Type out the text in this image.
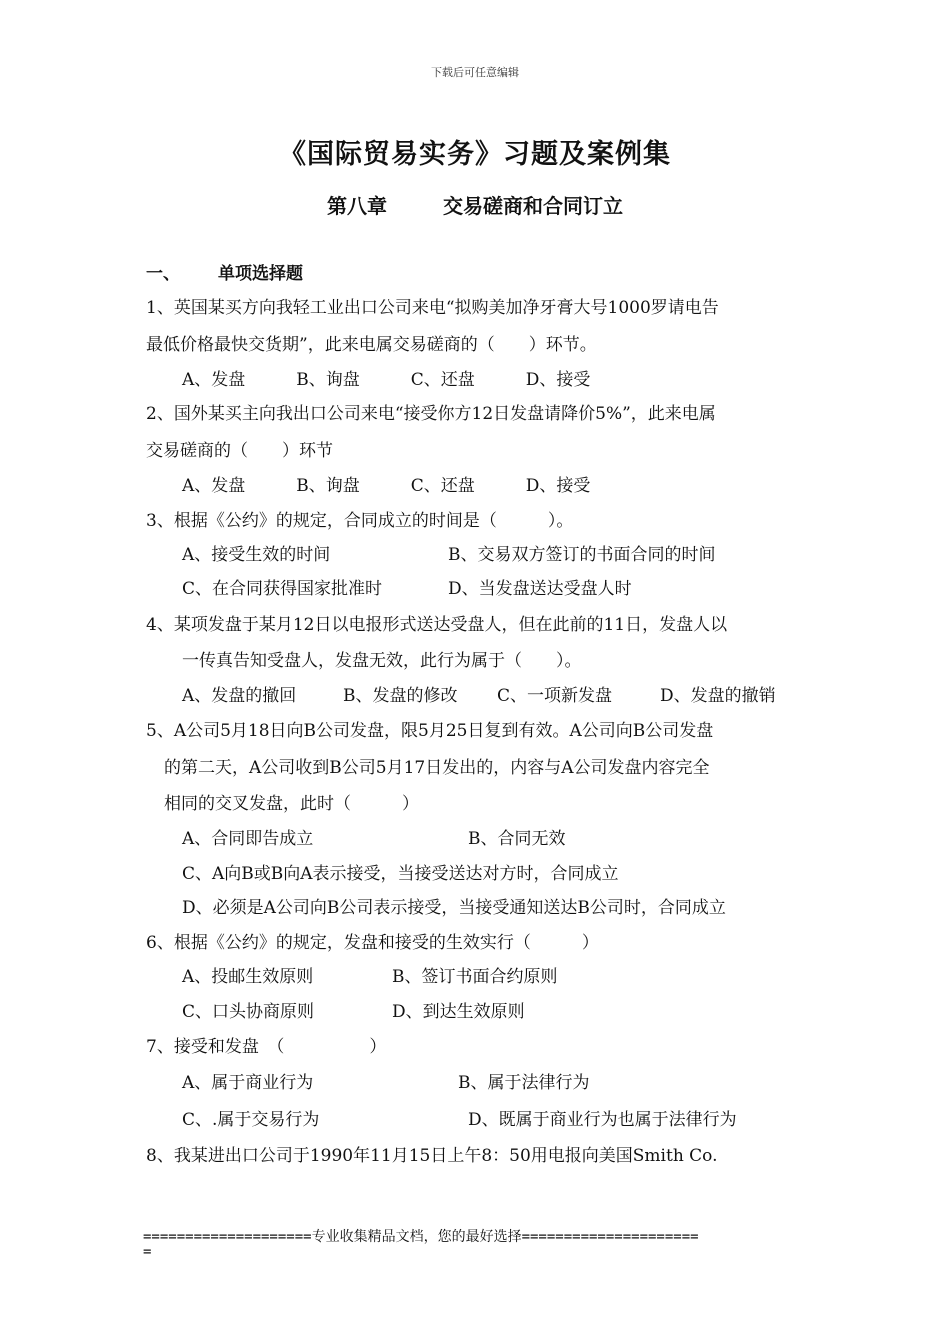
下载后可任意编辑
《国际贸易实务》习题及案例集
第八章	交易磋商和合同订立
一、 单项选择题
1、英国某买方向我轻工业出口公司来电“拟购美加净牙膏大号1000罗请电告
最低价格最快交货期”，此来电属交易磋商的（　　）环节。
A、发盘　　　B、询盘　　　C、还盘　　　D、接受
2、国外某买主向我出口公司来电“接受你方12日发盘请降价5%”，此来电属
交易磋商的（　　）环节
A、发盘　　　B、询盘　　　C、还盘　　　D、接受
3、根据《公约》的规定，合同成立的时间是（　　　）。
A、接受生效的时间	B、交易双方签订的书面合同的时间
C、在合同获得国家批准时	D、当发盘送达受盘人时
4、某项发盘于某月12日以电报形式送达受盘人，但在此前的11日，发盘人以
一传真告知受盘人，发盘无效，此行为属于（　　）。
A、发盘的撤回	B、发盘的修改 C、一项新发盘	D、发盘的撤销
5、A公司5月18日向B公司发盘，限5月25日复到有效。A公司向B公司发盘
的第二天，A公司收到B公司5月17日发出的，内容与A公司发盘内容完全
相同的交叉发盘，此时（　　　）
A、合同即告成立	B、合同无效
C、A向B或B向A表示接受，当接受送达对方时，合同成立
D、必须是A公司向B公司表示接受，当接受通知送达B公司时，合同成立
6、根据《公约》的规定，发盘和接受的生效实行（　　　）
A、投邮生效原则	B、签订书面合约原则
C、口头协商原则	D、到达生效原则
7、接受和发盘　（　　　　　）
A、属于商业行为	B、属于法律行为
C、.属于交易行为	D、既属于商业行为也属于法律行为
8、我某进出口公司于1990年11月15日上午8：50用电报向美国Smith Co.
====================专业收集精品文档，您的最好选择=====================
=
